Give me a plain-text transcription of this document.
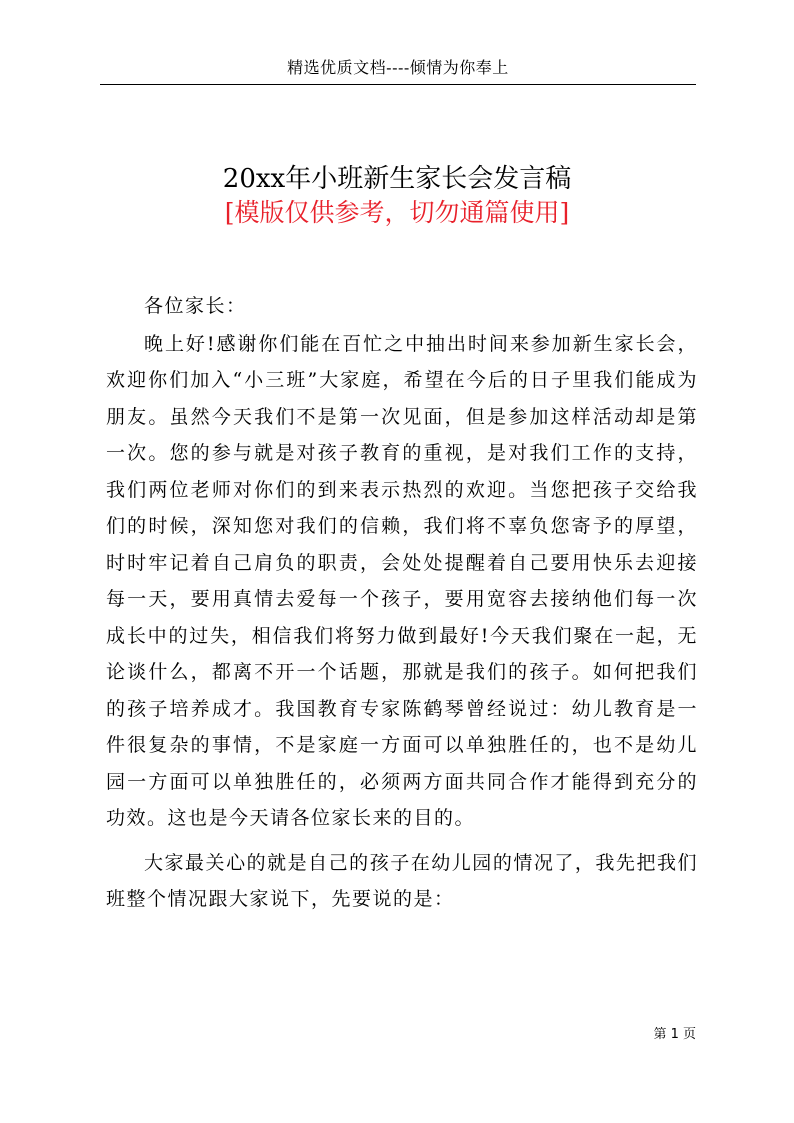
精选优质文档----倾情为你奉上
20xx年小班新生家长会发言稿
[模版仅供参考，切勿通篇使用]

各位家长：

晚上好!感谢你们能在百忙之中抽出时间来参加新生家长会，欢迎你们加入“小三班”大家庭，希望在今后的日子里我们能成为朋友。虽然今天我们不是第一次见面，但是参加这样活动却是第一次。您的参与就是对孩子教育的重视，是对我们工作的支持，我们两位老师对你们的到来表示热烈的欢迎。当您把孩子交给我们的时候，深知您对我们的信赖，我们将不辜负您寄予的厚望，时时牢记着自己肩负的职责，会处处提醒着自己要用快乐去迎接每一天，要用真情去爱每一个孩子，要用宽容去接纳他们每一次成长中的过失，相信我们将努力做到最好!今天我们聚在一起，无论谈什么，都离不开一个话题，那就是我们的孩子。如何把我们的孩子培养成才。我国教育专家陈鹤琴曾经说过：幼儿教育是一件很复杂的事情，不是家庭一方面可以单独胜任的，也不是幼儿园一方面可以单独胜任的，必须两方面共同合作才能得到充分的功效。这也是今天请各位家长来的目的。

大家最关心的就是自己的孩子在幼儿园的情况了，我先把我们班整个情况跟大家说下，先要说的是：

第 1 页
